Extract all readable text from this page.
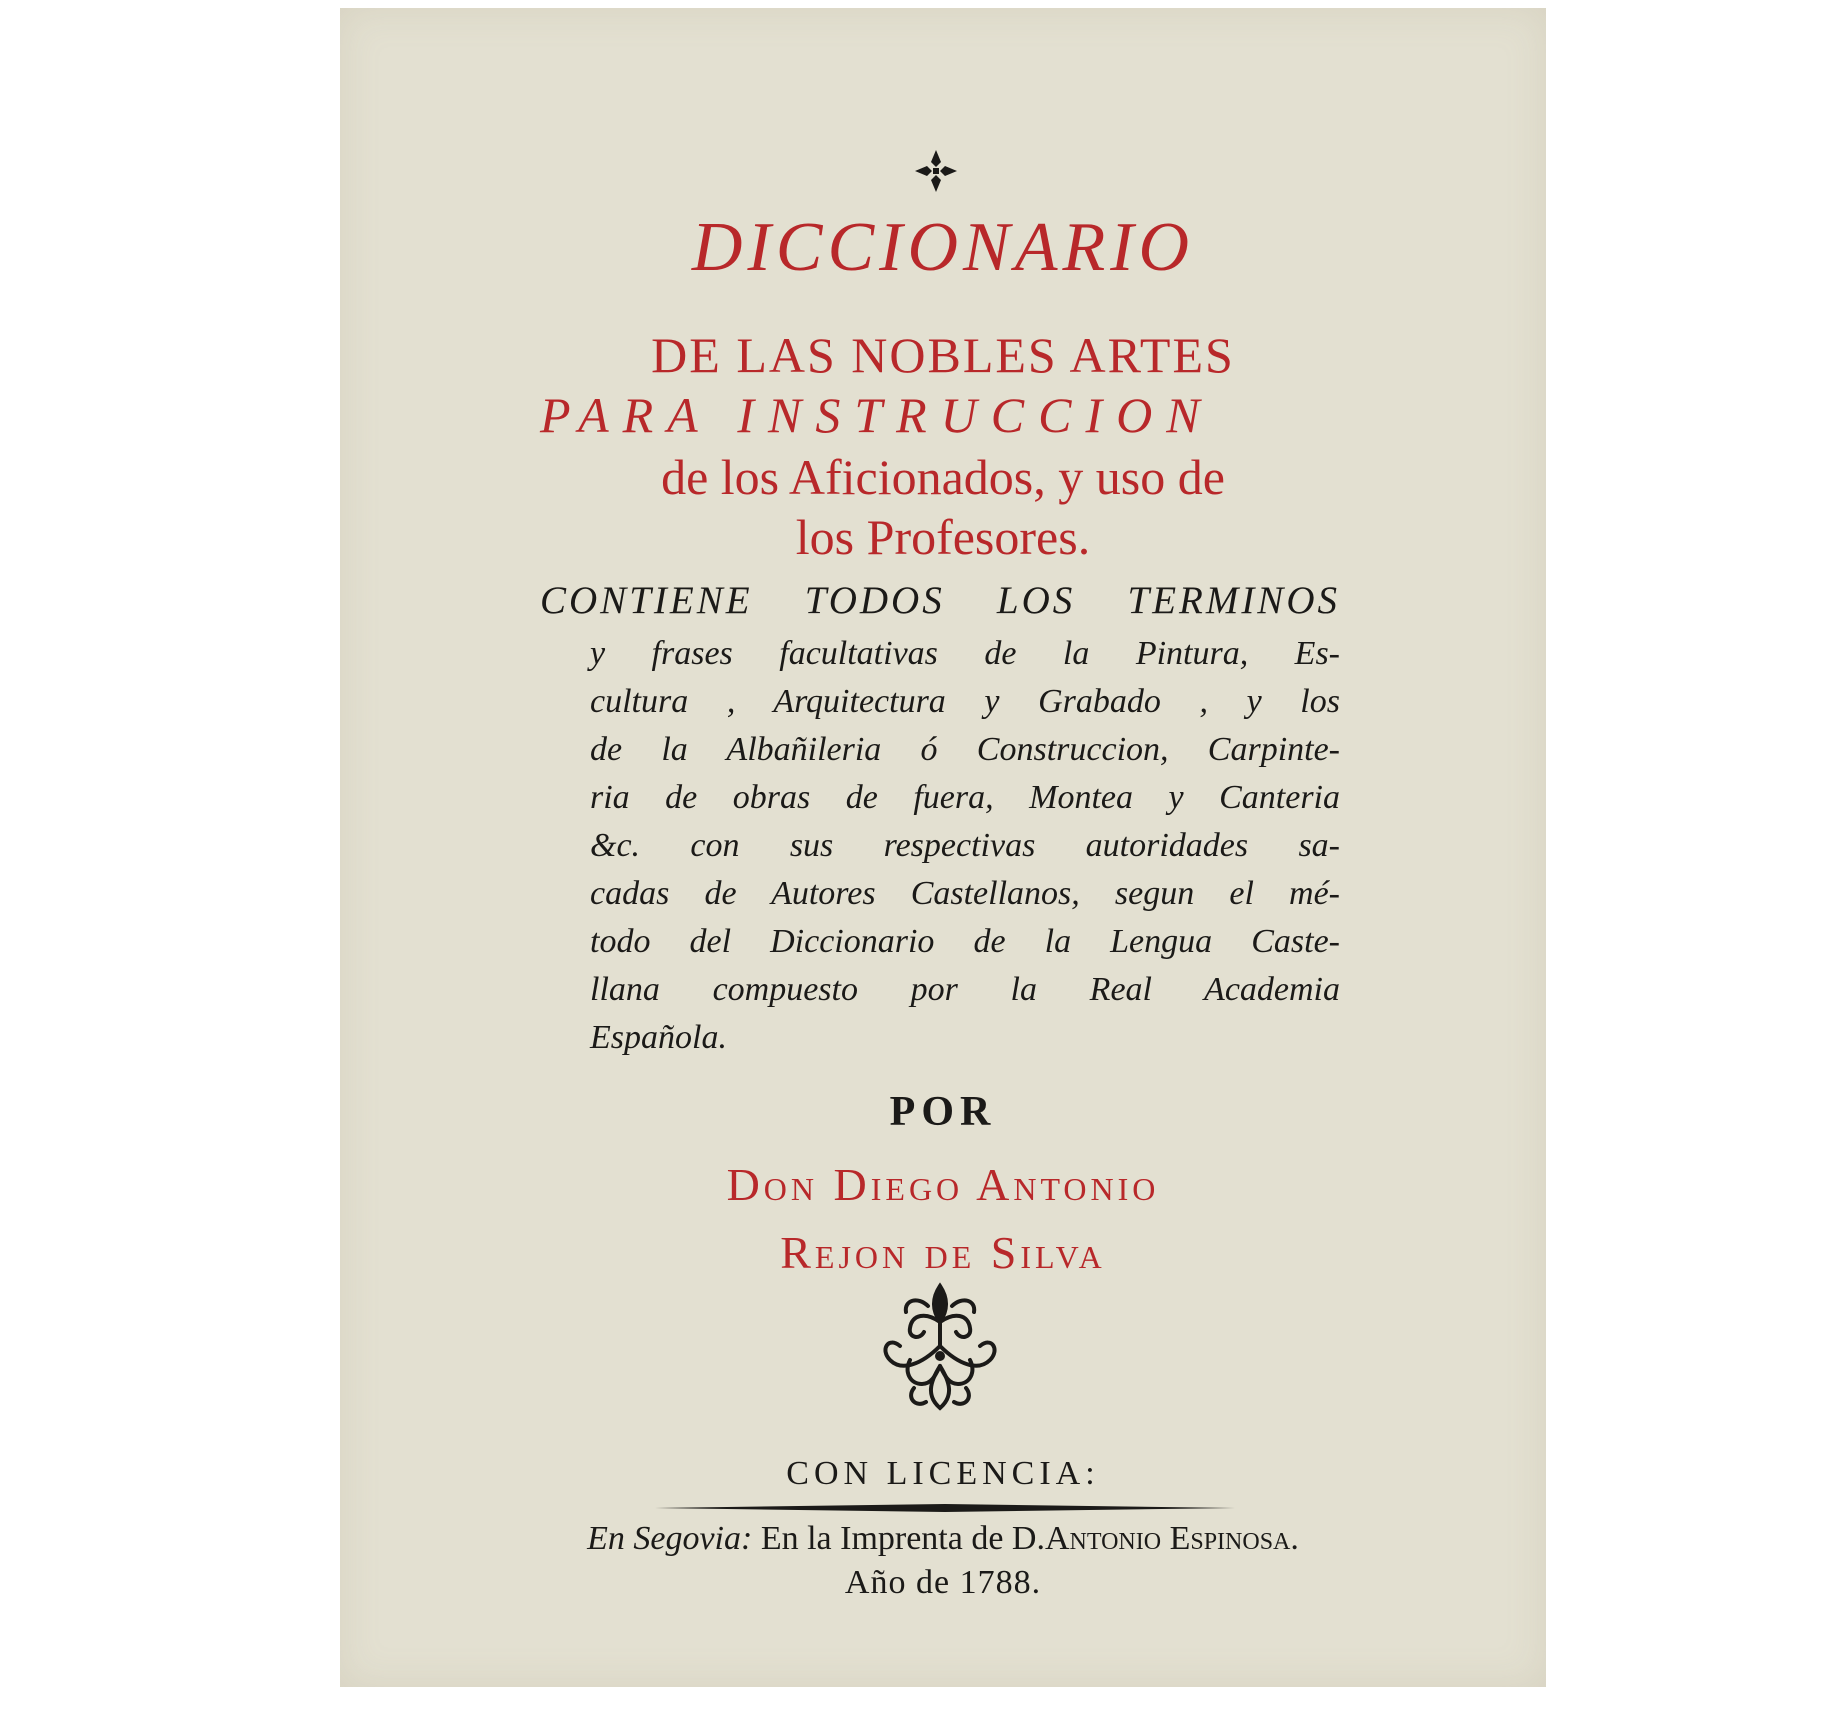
DICCIONARIO
DE LAS NOBLES ARTES
PARA INSTRUCCION
de los Aficionados, y uso de
los Profesores.
CONTIENE TODOS LOS TERMINOS
y frases facultativas de la Pintura, Es-
cultura , Arquitectura y Grabado , y los
de la Albañileria ó Construccion, Carpinte-
ria de obras de fuera, Montea y Canteria
&c. con sus respectivas autoridades sa-
cadas de Autores Castellanos, segun el mé-
todo del Diccionario de la Lengua Caste-
llana compuesto por la Real Academia
Española.
POR
Don Diego Antonio
Rejon de Silva
CON LICENCIA:
En Segovia: En la Imprenta de D.Antonio Espinosa.
Año de 1788.
